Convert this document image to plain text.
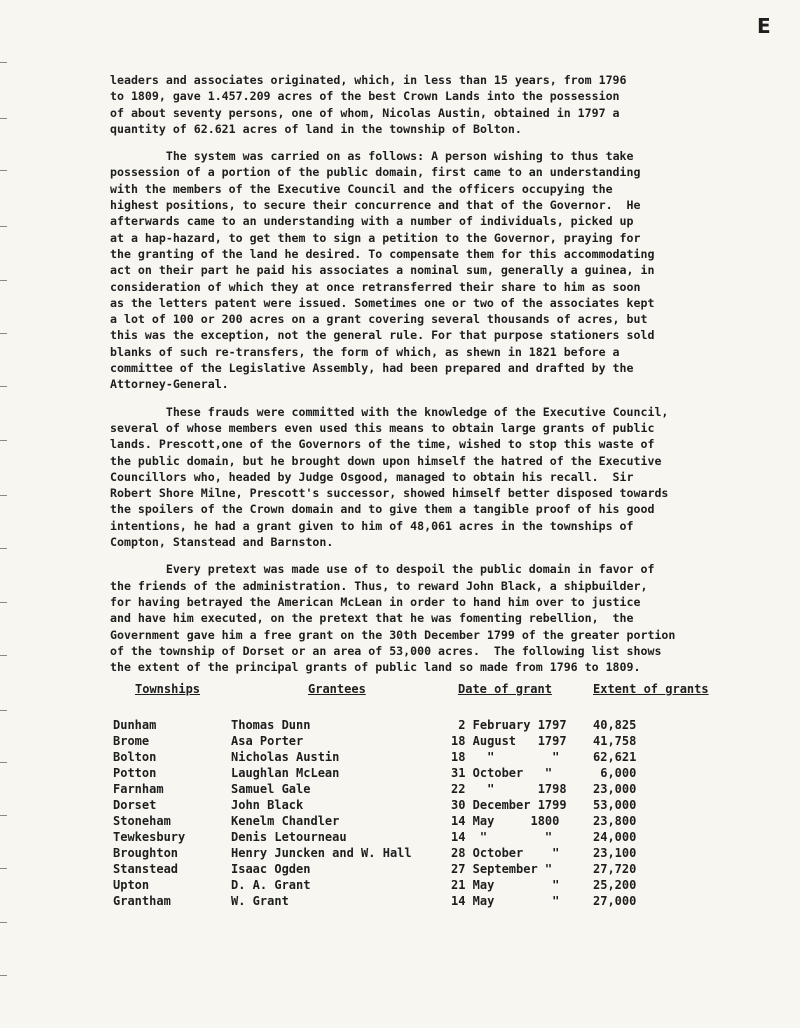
E

leaders and associates originated, which, in less than 15 years, from 1796
to 1809, gave 1.457.209 acres of the best Crown Lands into the possession
of about seventy persons, one of whom, Nicolas Austin, obtained in 1797 a
quantity of 62.621 acres of land in the township of Bolton.

The system was carried on as follows: A person wishing to thus take
possession of a portion of the public domain, first came to an understanding
with the members of the Executive Council and the officers occupying the
highest positions, to secure their concurrence and that of the Governor.  He
afterwards came to an understanding with a number of individuals, picked up
at a hap-hazard, to get them to sign a petition to the Governor, praying for
the granting of the land he desired. To compensate them for this accommodating
act on their part he paid his associates a nominal sum, generally a guinea, in
consideration of which they at once retransferred their share to him as soon
as the letters patent were issued. Sometimes one or two of the associates kept
a lot of 100 or 200 acres on a grant covering several thousands of acres, but
this was the exception, not the general rule. For that purpose stationers sold
blanks of such re-transfers, the form of which, as shewn in 1821 before a
committee of the Legislative Assembly, had been prepared and drafted by the
Attorney-General.

These frauds were committed with the knowledge of the Executive Council,
several of whose members even used this means to obtain large grants of public
lands. Prescott,one of the Governors of the time, wished to stop this waste of
the public domain, but he brought down upon himself the hatred of the Executive
Councillors who, headed by Judge Osgood, managed to obtain his recall.  Sir
Robert Shore Milne, Prescott's successor, showed himself better disposed towards
the spoilers of the Crown domain and to give them a tangible proof of his good
intentions, he had a grant given to him of 48,061 acres in the townships of
Compton, Stanstead and Barnston.

Every pretext was made use of to despoil the public domain in favor of
the friends of the administration. Thus, to reward John Black, a shipbuilder,
for having betrayed the American McLean in order to hand him over to justice
and have him executed, on the pretext that he was fomenting rebellion,  the
Government gave him a free grant on the 30th December 1799 of the greater portion
of the township of Dorset or an area of 53,000 acres.  The following list shows
the extent of the principal grants of public land so made from 1796 to 1809.

Townships	Grantees	Date of grant	Extent of grants
Dunham	Thomas Dunn	2 February 1797 40,825
Brome	Asa Porter	18 August   1797 41,758
Bolton	Nicholas Austin	18   "        "	62,621
Potton	Laughlan McLean	31 October   "	6,000
Farnham	Samuel Gale	22   "      1798 23,000
Dorset	John Black	30 December 1799 53,000
Stoneham	Kenelm Chandler	14 May     1800	23,800
Tewkesbury	Denis Letourneau	14  "        "	24,000
Broughton	Henry Juncken and W. Hall	28 October    "	23,100
Stanstead	Isaac Ogden	27 September "	27,720
Upton	D. A. Grant	21 May        "	25,200
Grantham	W. Grant	14 May        "	27,000
